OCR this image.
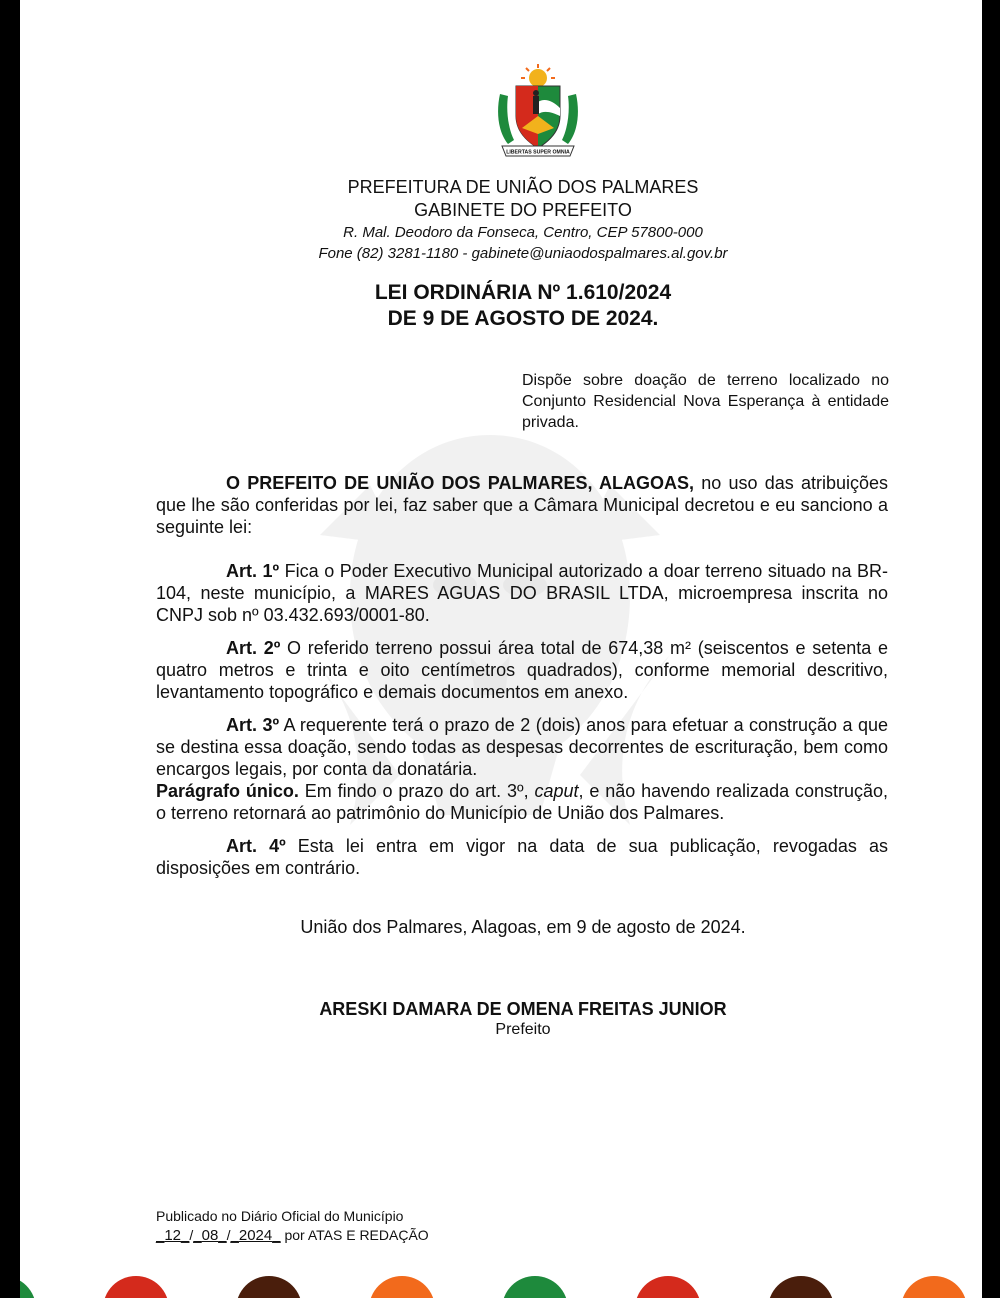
LIBERTAS SUPER OMNIA
PREFEITURA DE UNIÃO DOS PALMARES
GABINETE DO PREFEITO
R. Mal. Deodoro da Fonseca, Centro, CEP 57800-000
Fone (82) 3281-1180 - gabinete@uniaodospalmares.al.gov.br
LEI ORDINÁRIA Nº 1.610/2024
DE 9 DE AGOSTO DE 2024.
Dispõe sobre doação de terreno localizado no Conjunto Residencial Nova Esperança à entidade privada.

O PREFEITO DE UNIÃO DOS PALMARES, ALAGOAS, no uso das atribuições que lhe são conferidas por lei, faz saber que a Câmara Municipal decretou e eu sanciono a seguinte lei:

Art. 1º Fica o Poder Executivo Municipal autorizado a doar terreno situado na BR-104, neste município, a MARES AGUAS DO BRASIL LTDA, microempresa inscrita no CNPJ sob nº 03.432.693/0001-80.

Art. 2º O referido terreno possui área total de 674,38 m² (seiscentos e setenta e quatro metros e trinta e oito centímetros quadrados), conforme memorial descritivo, levantamento topográfico e demais documentos em anexo.

Art. 3º A requerente terá o prazo de 2 (dois) anos para efetuar a construção a que se destina essa doação, sendo todas as despesas decorrentes de escrituração, bem como encargos legais, por conta da donatária.

Parágrafo único. Em findo o prazo do art. 3º, caput, e não havendo realizada construção, o terreno retornará ao patrimônio do Município de União dos Palmares.

Art. 4º Esta lei entra em vigor na data de sua publicação, revogadas as disposições em contrário.

União dos Palmares, Alagoas, em 9 de agosto de 2024.
ARESKI DAMARA DE OMENA FREITAS JUNIOR
Prefeito
Publicado no Diário Oficial do Município
_12_/_08_/_2024_ por ATAS E REDAÇÃO
